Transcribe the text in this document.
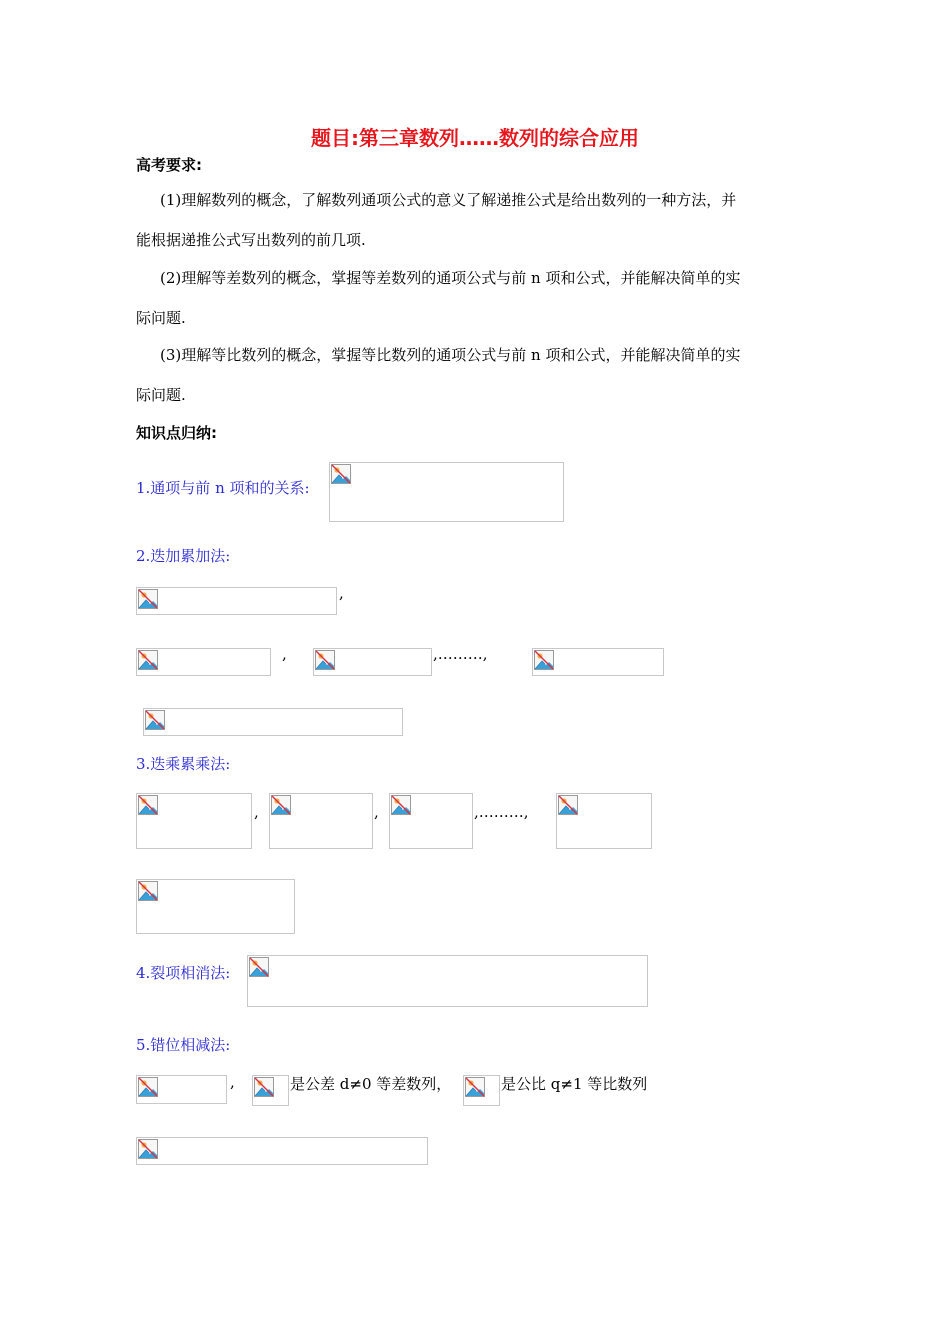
题目:第三章数列……数列的综合应用
高考要求:
(1)理解数列的概念，了解数列通项公式的意义了解递推公式是给出数列的一种方法，并
能根据递推公式写出数列的前几项.
(2)理解等差数列的概念，掌握等差数列的通项公式与前 n 项和公式，并能解决简单的实
际问题.
(3)理解等比数列的概念，掌握等比数列的通项公式与前 n 项和公式，并能解决简单的实
际问题.
知识点归纳:
1.通项与前 n 项和的关系:
2.迭加累加法:
,
,	,………,
3.迭乘累乘法:
,	,	,………,
4.裂项相消法:
5.错位相减法:
,	是公差 d≠0 等差数列，	是公比 q≠1 等比数列
